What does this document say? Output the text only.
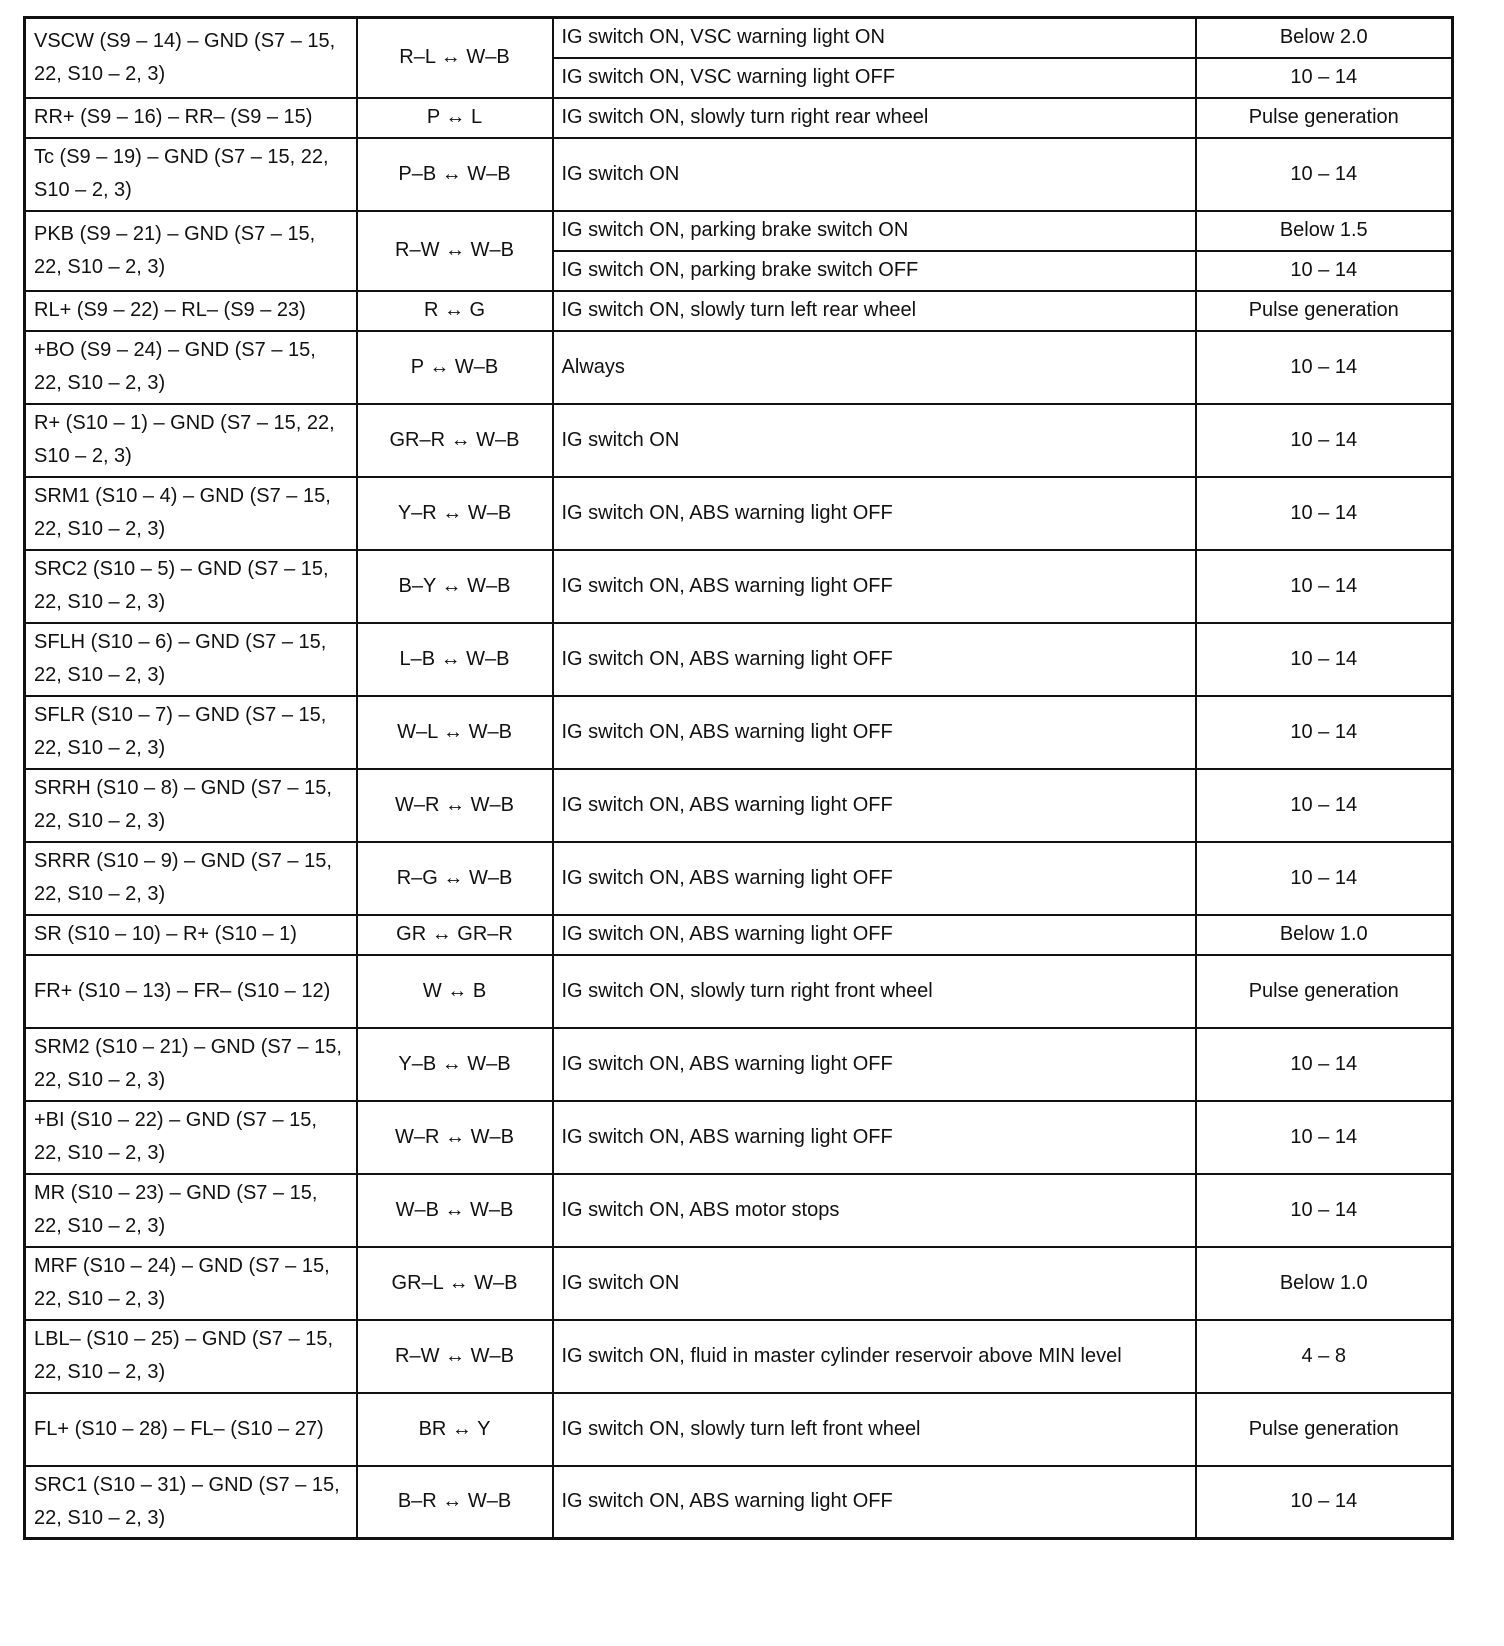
VSCW (S9 – 14) – GND (S7 – 15, 22, S10 – 2, 3)	R–L ↔ W–B	IG switch ON, VSC warning light ON	Below 2.0
		IG switch ON, VSC warning light OFF	10 – 14
RR+ (S9 – 16) – RR– (S9 – 15)	P ↔ L	IG switch ON, slowly turn right rear wheel	Pulse generation
Tc (S9 – 19) – GND (S7 – 15, 22, S10 – 2, 3)	P–B ↔ W–B	IG switch ON	10 – 14
PKB (S9 – 21) – GND (S7 – 15, 22, S10 – 2, 3)	R–W ↔ W–B	IG switch ON, parking brake switch ON	Below 1.5
		IG switch ON, parking brake switch OFF	10 – 14
RL+ (S9 – 22) – RL– (S9 – 23)	R ↔ G	IG switch ON, slowly turn left rear wheel	Pulse generation
+BO (S9 – 24) – GND (S7 – 15, 22, S10 – 2, 3)	P ↔ W–B	Always	10 – 14
R+ (S10 – 1) – GND (S7 – 15, 22, S10 – 2, 3)	GR–R ↔ W–B	IG switch ON	10 – 14
SRM1 (S10 – 4) – GND (S7 – 15, 22, S10 – 2, 3)	Y–R ↔ W–B	IG switch ON, ABS warning light OFF	10 – 14
SRC2 (S10 – 5) – GND (S7 – 15, 22, S10 – 2, 3)	B–Y ↔ W–B	IG switch ON, ABS warning light OFF	10 – 14
SFLH (S10 – 6) – GND (S7 – 15, 22, S10 – 2, 3)	L–B ↔ W–B	IG switch ON, ABS warning light OFF	10 – 14
SFLR (S10 – 7) – GND (S7 – 15, 22, S10 – 2, 3)	W–L ↔ W–B	IG switch ON, ABS warning light OFF	10 – 14
SRRH (S10 – 8) – GND (S7 – 15, 22, S10 – 2, 3)	W–R ↔ W–B	IG switch ON, ABS warning light OFF	10 – 14
SRRR (S10 – 9) – GND (S7 – 15, 22, S10 – 2, 3)	R–G ↔ W–B	IG switch ON, ABS warning light OFF	10 – 14
SR (S10 – 10) – R+ (S10 – 1)	GR ↔ GR–R	IG switch ON, ABS warning light OFF	Below 1.0
FR+ (S10 – 13) – FR– (S10 – 12)	W ↔ B	IG switch ON, slowly turn right front wheel	Pulse generation
SRM2 (S10 – 21) – GND (S7 – 15, 22, S10 – 2, 3)	Y–B ↔ W–B	IG switch ON, ABS warning light OFF	10 – 14
+BI (S10 – 22) – GND (S7 – 15, 22, S10 – 2, 3)	W–R ↔ W–B	IG switch ON, ABS warning light OFF	10 – 14
MR (S10 – 23) – GND (S7 – 15, 22, S10 – 2, 3)	W–B ↔ W–B	IG switch ON, ABS motor stops	10 – 14
MRF (S10 – 24) – GND (S7 – 15, 22, S10 – 2, 3)	GR–L ↔ W–B	IG switch ON	Below 1.0
LBL– (S10 – 25) – GND (S7 – 15, 22, S10 – 2, 3)	R–W ↔ W–B	IG switch ON, fluid in master cylinder reservoir above MIN level	4 – 8
FL+ (S10 – 28) – FL– (S10 – 27)	BR ↔ Y	IG switch ON, slowly turn left front wheel	Pulse generation
SRC1 (S10 – 31) – GND (S7 – 15, 22, S10 – 2, 3)	B–R ↔ W–B	IG switch ON, ABS warning light OFF	10 – 14
